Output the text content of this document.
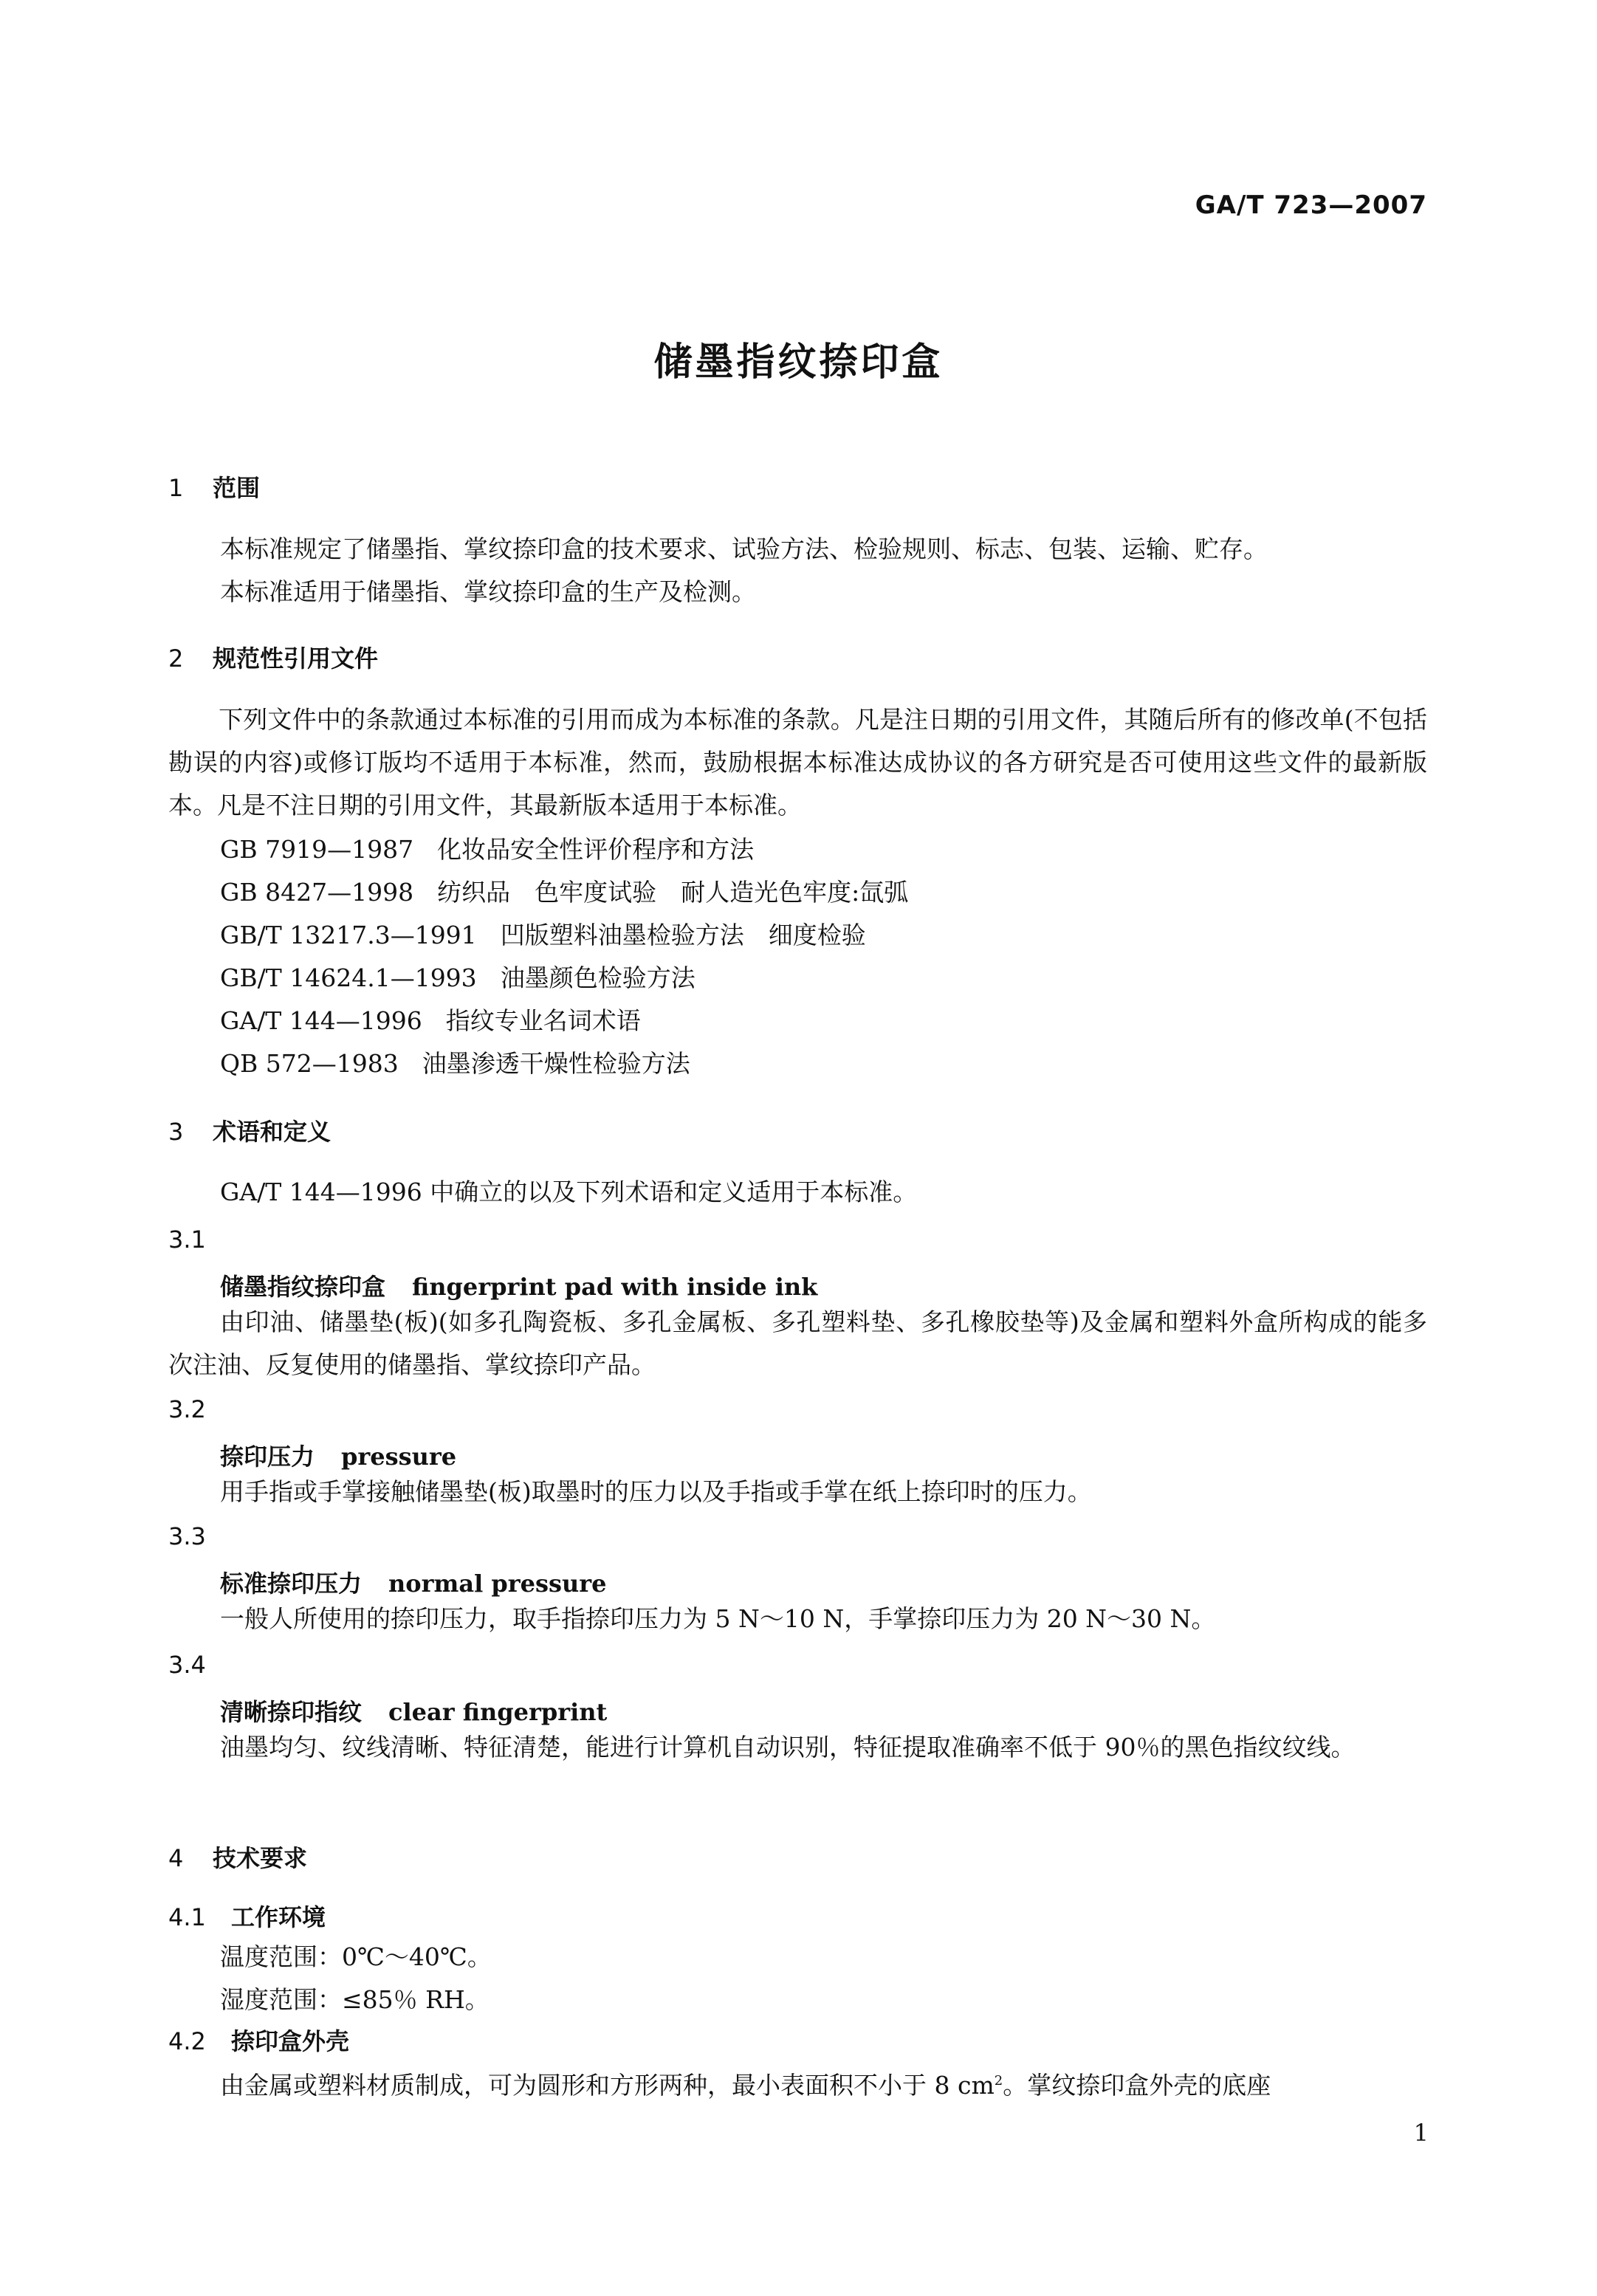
GA/T 723—2007
储墨指纹捺印盒
1 范围
本标准规定了储墨指、掌纹捺印盒的技术要求、试验方法、检验规则、标志、包装、运输、贮存。
本标准适用于储墨指、掌纹捺印盒的生产及检测。
2 规范性引用文件
下列文件中的条款通过本标准的引用而成为本标准的条款。凡是注日期的引用文件，其随后所有的修改单(不包括勘误的内容)或修订版均不适用于本标准，然而，鼓励根据本标准达成协议的各方研究是否可使用这些文件的最新版本。凡是不注日期的引用文件，其最新版本适用于本标准。
GB 7919—1987 化妆品安全性评价程序和方法
GB 8427—1998 纺织品　色牢度试验　耐人造光色牢度:氙弧
GB/T 13217.3—1991 凹版塑料油墨检验方法　细度检验
GB/T 14624.1—1993 油墨颜色检验方法
GA/T 144—1996 指纹专业名词术语
QB 572—1983 油墨渗透干燥性检验方法
3 术语和定义
GA/T 144—1996 中确立的以及下列术语和定义适用于本标准。
3.1
储墨指纹捺印盒 fingerprint pad with inside ink
由印油、储墨垫(板)(如多孔陶瓷板、多孔金属板、多孔塑料垫、多孔橡胶垫等)及金属和塑料外盒所构成的能多次注油、反复使用的储墨指、掌纹捺印产品。
3.2
捺印压力 pressure
用手指或手掌接触储墨垫(板)取墨时的压力以及手指或手掌在纸上捺印时的压力。
3.3
标准捺印压力 normal pressure
一般人所使用的捺印压力，取手指捺印压力为 5 N～10 N，手掌捺印压力为 20 N～30 N。
3.4
清晰捺印指纹 clear fingerprint
油墨均匀、纹线清晰、特征清楚，能进行计算机自动识别，特征提取准确率不低于 90％的黑色指纹纹线。
4 技术要求
4.1 工作环境
温度范围：0℃～40℃。
湿度范围：≤85％ RH。
4.2 捺印盒外壳
由金属或塑料材质制成，可为圆形和方形两种，最小表面积不小于 8 $cm^2$。掌纹捺印盒外壳的底座
1
